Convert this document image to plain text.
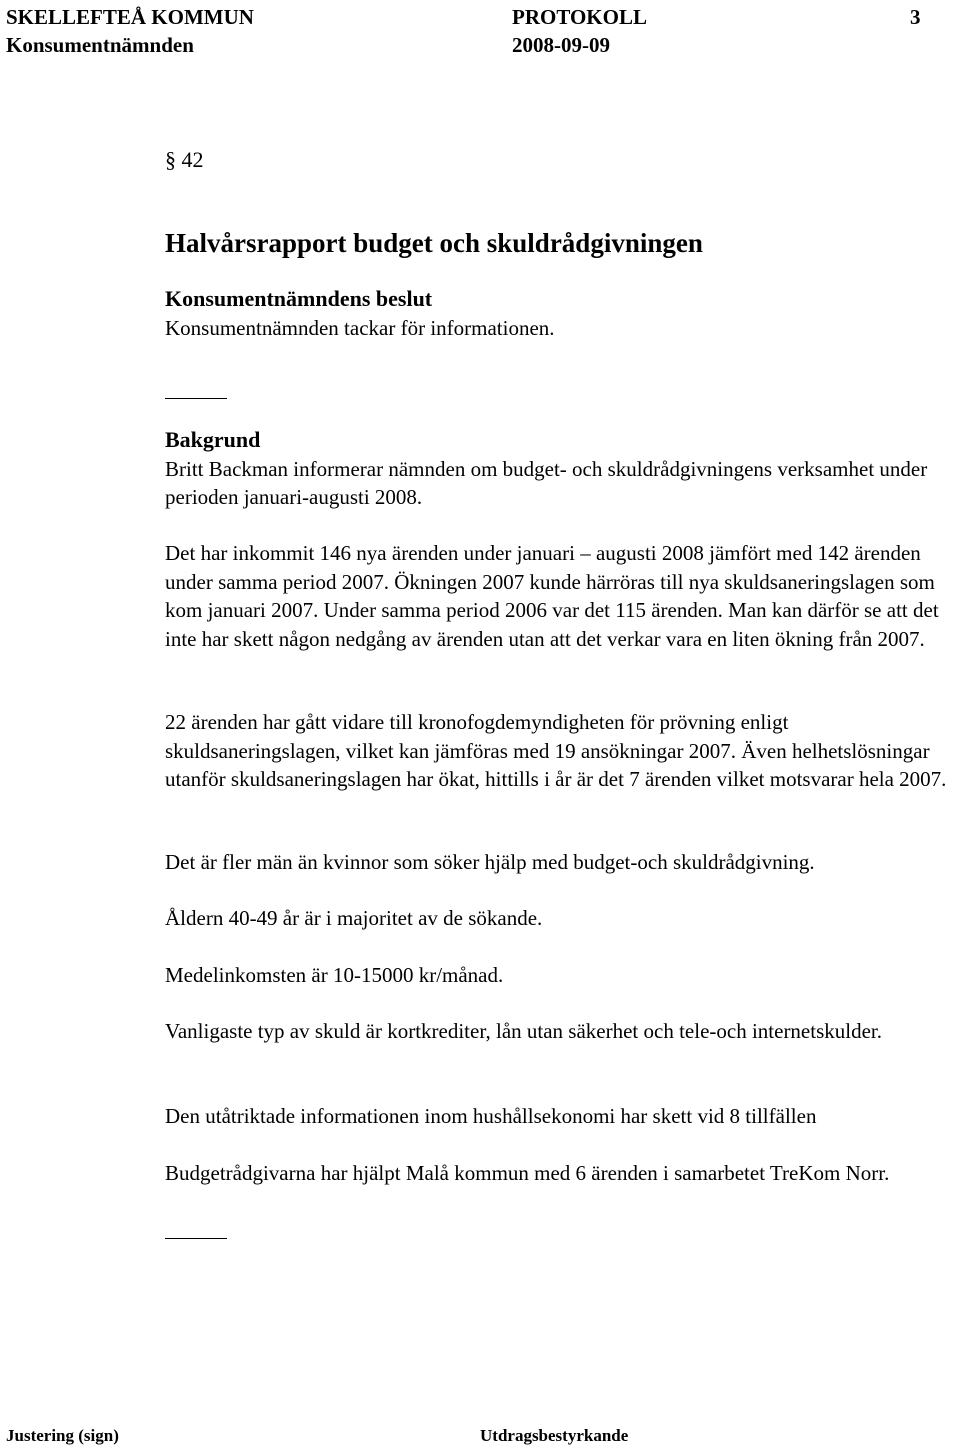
SKELLEFTEÅ KOMMUN	PROTOKOLL	3
Konsumentnämnden	2008-09-09
§ 42
Halvårsrapport budget och skuldrådgivningen
Konsumentnämndens beslut

Konsumentnämnden tackar för informationen.

Bakgrund

Britt Backman informerar nämnden om budget- och skuldrådgivningens verksamhet under perioden januari-augusti 2008.

Det har inkommit 146 nya ärenden under januari – augusti 2008 jämfört med 142 ärenden under samma period 2007. Ökningen 2007 kunde härröras till nya skuldsaneringslagen som kom januari 2007. Under samma period 2006 var det 115 ärenden. Man kan därför se att det inte har skett någon nedgång av ärenden utan att det verkar vara en liten ökning från 2007.

22 ärenden har gått vidare till kronofogdemyndigheten för prövning enligt skuldsaneringslagen, vilket kan jämföras med 19 ansökningar 2007. Även helhetslösningar utanför skuldsaneringslagen har ökat, hittills i år är det 7 ärenden vilket motsvarar hela 2007.

Det är fler män än kvinnor som söker hjälp med budget-och skuldrådgivning.

Åldern 40-49 år är i majoritet av de sökande.

Medelinkomsten är 10-15000 kr/månad.

Vanligaste typ av skuld är kortkrediter, lån utan säkerhet och tele-och internetskulder.

Den utåtriktade informationen inom hushållsekonomi har skett vid 8 tillfällen

Budgetrådgivarna har hjälpt Malå kommun med 6 ärenden i samarbetet TreKom Norr.

Justering (sign)	Utdragsbestyrkande
